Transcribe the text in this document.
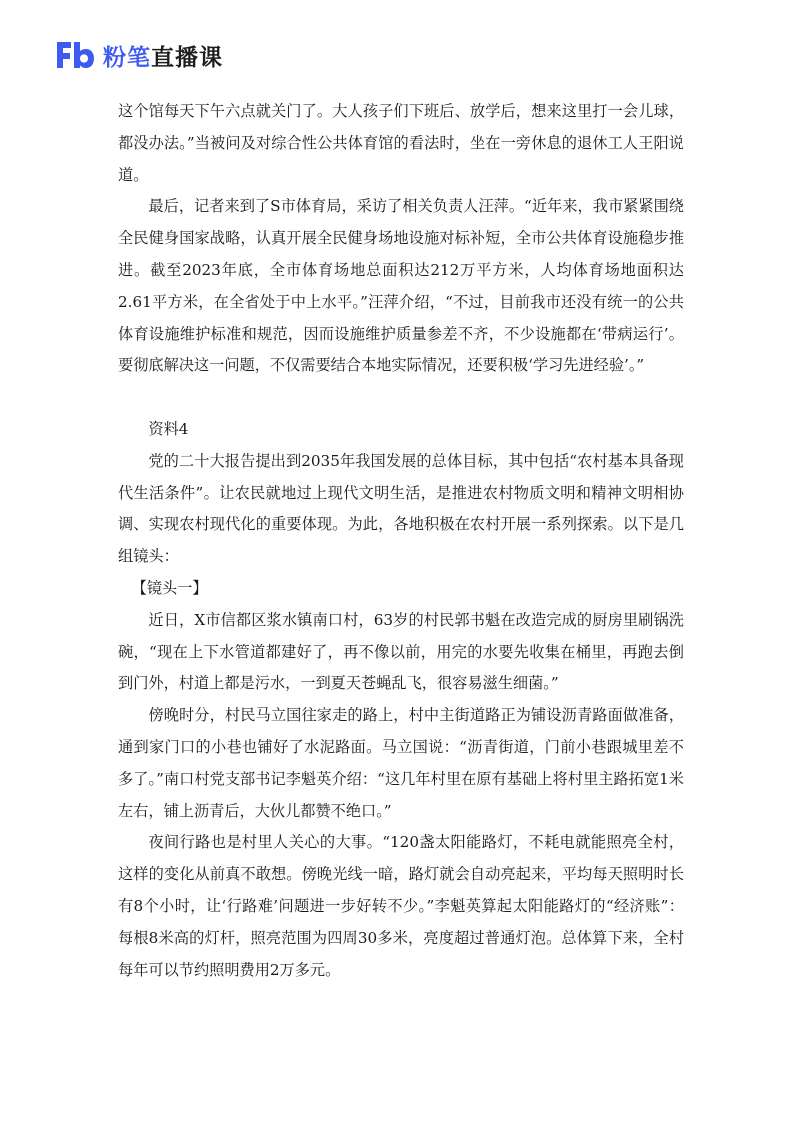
粉笔直播课

这个馆每天下午六点就关门了。大人孩子们下班后、放学后，想来这里打一会儿球，都没办法。”当被问及对综合性公共体育馆的看法时，坐在一旁休息的退休工人王阳说道。

最后，记者来到了S市体育局，采访了相关负责人汪萍。“近年来，我市紧紧围绕全民健身国家战略，认真开展全民健身场地设施对标补短，全市公共体育设施稳步推进。截至2023年底，全市体育场地总面积达212万平方米，人均体育场地面积达2.61平方米，在全省处于中上水平。”汪萍介绍，“不过，目前我市还没有统一的公共体育设施维护标准和规范，因而设施维护质量参差不齐，不少设施都在‘带病运行’。要彻底解决这一问题，不仅需要结合本地实际情况，还要积极‘学习先进经验’。”

资料4

党的二十大报告提出到2035年我国发展的总体目标，其中包括“农村基本具备现代生活条件”。让农民就地过上现代文明生活，是推进农村物质文明和精神文明相协调、实现农村现代化的重要体现。为此，各地积极在农村开展一系列探索。以下是几组镜头：

【镜头一】

近日，X市信都区浆水镇南口村，63岁的村民郭书魁在改造完成的厨房里刷锅洗碗，“现在上下水管道都建好了，再不像以前，用完的水要先收集在桶里，再跑去倒到门外，村道上都是污水，一到夏天苍蝇乱飞，很容易滋生细菌。”

傍晚时分，村民马立国往家走的路上，村中主街道路正为铺设沥青路面做准备，通到家门口的小巷也铺好了水泥路面。马立国说：“沥青街道，门前小巷跟城里差不多了。”南口村党支部书记李魁英介绍：“这几年村里在原有基础上将村里主路拓宽1米左右，铺上沥青后，大伙儿都赞不绝口。”

夜间行路也是村里人关心的大事。“120盏太阳能路灯，不耗电就能照亮全村，这样的变化从前真不敢想。傍晚光线一暗，路灯就会自动亮起来，平均每天照明时长有8个小时，让‘行路难’问题进一步好转不少。”李魁英算起太阳能路灯的“经济账”：每根8米高的灯杆，照亮范围为四周30多米，亮度超过普通灯泡。总体算下来，全村每年可以节约照明费用2万多元。
